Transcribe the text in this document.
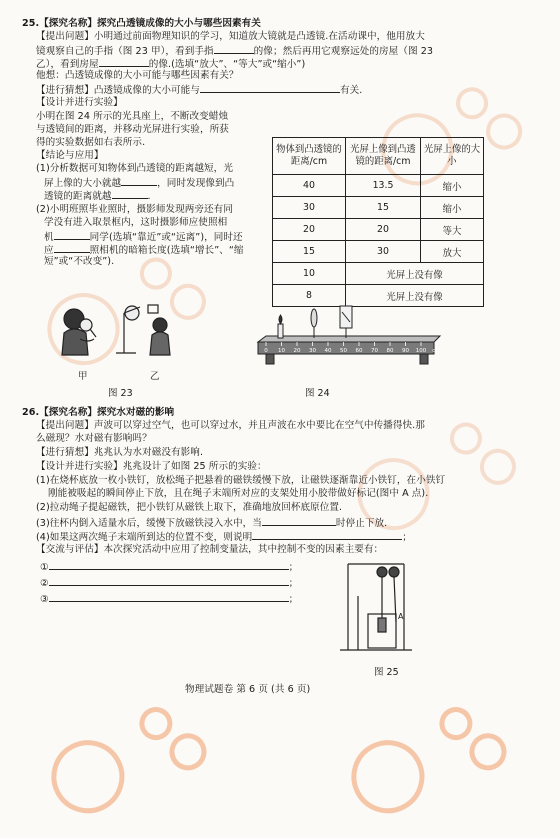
25.【探究名称】探究凸透镜成像的大小与哪些因素有关
【提出问题】小明通过前面物理知识的学习，知道放大镜就是凸透镜.在活动课中，他用放大
镜观察自己的手指（图 23 甲），看到手指	的像；然后再用它观察远处的房屋（图 23
乙），看到房屋	的像.(选填“放大”、“等大”或“缩小”)
他想：凸透镜成像的大小可能与哪些因素有关？
【进行猜想】凸透镜成像的大小可能与	有关.
【设计并进行实验】
小明在图 24 所示的光具座上，不断改变蜡烛
与透镜间的距离，并移动光屏进行实验，所获
得的实验数据如右表所示.
【结论与应用】
(1)分析数据可知物体到凸透镜的距离越短，光
屏上像的大小就越	，同时发现像到凸
透镜的距离就越	.
(2)小明班照毕业照时，摄影师发现两旁还有同
学没有进入取景框内，这时摄影师应使照相
机	同学(选填“靠近”或“远离”)，同时还
应	照相机的暗箱长度(选填“增长”、“缩
短”或“不改变”).
物体到凸透镜的距离/cm	光屏上像到凸透镜的距离/cm	光屏上像的大小
40	13.5	缩小
30	15	缩小
20	20	等大
15	30	放大
10	光屏上没有像	
8	光屏上没有像	
甲	乙
图 23
0 10 20 30 40 50 60 70 80 90 100 cm
图 24
26.【探究名称】探究水对磁的影响
【提出问题】声波可以穿过空气，也可以穿过水，并且声波在水中要比在空气中传播得快.那
么磁现？水对磁有影响吗？
【进行猜想】兆兆认为水对磁没有影响.
【设计并进行实验】兆兆设计了如图 25 所示的实验：
(1)在烧杯底放一枚小铁钉，放松绳子把悬着的磁铁缓慢下放，让磁铁逐渐靠近小铁钉，在小铁钉
刚能被吸起的瞬间停止下放，且在绳子末端所对应的支架处用小胶带做好标记(图中 A 点).
(2)拉动绳子提起磁铁，把小铁钉从磁铁上取下，准确地放回杯底原位置.
(3)往杯内倒入适量水后，缓慢下放磁铁浸入水中，当	时停止下放.
(4)如果这两次绳子末端所到达的位置不变，则说明	；
【交流与评估】本次探究活动中应用了控制变量法，其中控制不变的因素主要有：
①	；
②	；
③	；
A
图 25
物理试题卷 第 6 页 (共 6 页)
